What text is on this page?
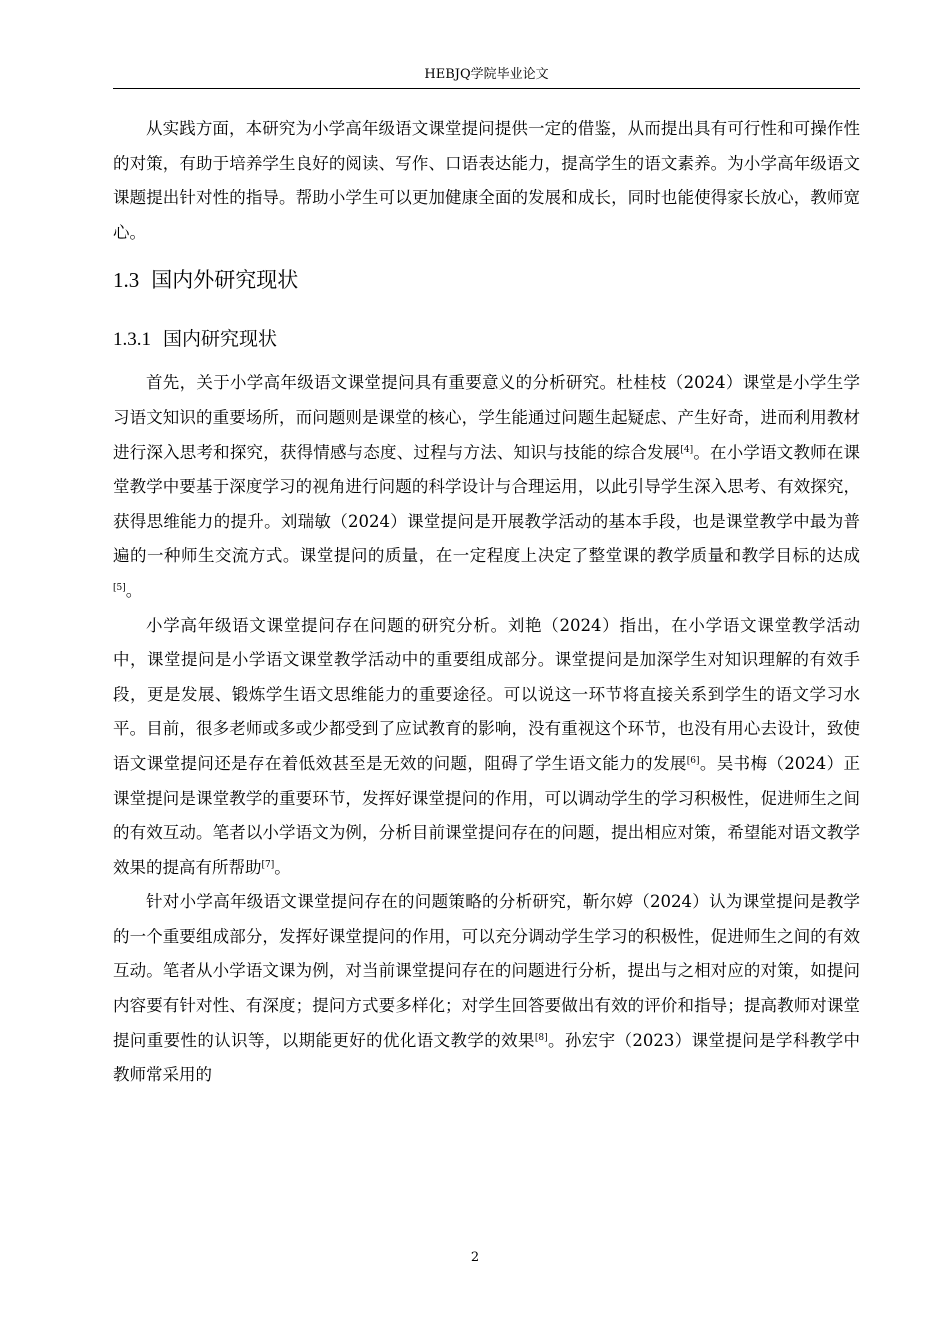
HEBJQ学院毕业论文

从实践方面，本研究为小学高年级语文课堂提问提供一定的借鉴，从而提出具有可行性和可操作性的对策，有助于培养学生良好的阅读、写作、口语表达能力，提高学生的语文素养。为小学高年级语文课题提出针对性的指导。帮助小学生可以更加健康全面的发展和成长，同时也能使得家长放心，教师宽心。

1.3 国内外研究现状
1.3.1 国内研究现状

首先，关于小学高年级语文课堂提问具有重要意义的分析研究。杜桂枝（2024）课堂是小学生学习语文知识的重要场所，而问题则是课堂的核心，学生能通过问题生起疑虑、产生好奇，进而利用教材进行深入思考和探究，获得情感与态度、过程与方法、知识与技能的综合发展[4]。在小学语文教师在课堂教学中要基于深度学习的视角进行问题的科学设计与合理运用，以此引导学生深入思考、有效探究，获得思维能力的提升。刘瑞敏（2024）课堂提问是开展教学活动的基本手段，也是课堂教学中最为普遍的一种师生交流方式。课堂提问的质量，在一定程度上决定了整堂课的教学质量和教学目标的达成[5]。

小学高年级语文课堂提问存在问题的研究分析。刘艳（2024）指出，在小学语文课堂教学活动中，课堂提问是小学语文课堂教学活动中的重要组成部分。课堂提问是加深学生对知识理解的有效手段，更是发展、锻炼学生语文思维能力的重要途径。可以说这一环节将直接关系到学生的语文学习水平。目前，很多老师或多或少都受到了应试教育的影响，没有重视这个环节，也没有用心去设计，致使语文课堂提问还是存在着低效甚至是无效的问题，阻碍了学生语文能力的发展[6]。吴书梅（2024）正课堂提问是课堂教学的重要环节，发挥好课堂提问的作用，可以调动学生的学习积极性，促进师生之间的有效互动。笔者以小学语文为例，分析目前课堂提问存在的问题，提出相应对策，希望能对语文教学效果的提高有所帮助[7]。

针对小学高年级语文课堂提问存在的问题策略的分析研究，靳尔婷（2024）认为课堂提问是教学的一个重要组成部分，发挥好课堂提问的作用，可以充分调动学生学习的积极性，促进师生之间的有效互动。笔者从小学语文课为例，对当前课堂提问存在的问题进行分析，提出与之相对应的对策，如提问内容要有针对性、有深度；提问方式要多样化；对学生回答要做出有效的评价和指导；提高教师对课堂提问重要性的认识等，以期能更好的优化语文教学的效果[8]。孙宏宇（2023）课堂提问是学科教学中教师常采用的

2
